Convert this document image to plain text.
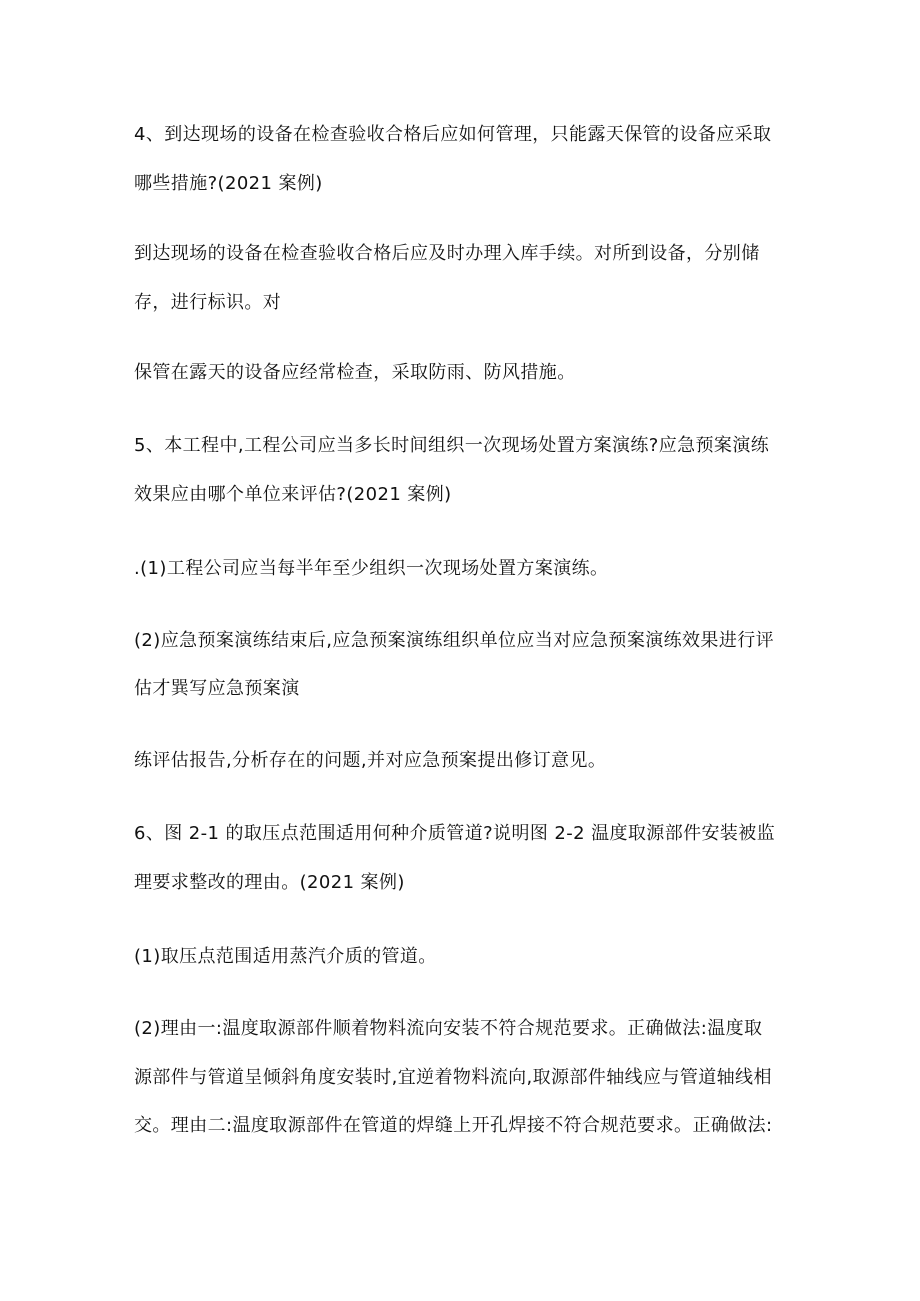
4、到达现场的设备在检查验收合格后应如何管理，只能露天保管的设备应采取
哪些措施?(2021 案例)
到达现场的设备在检查验收合格后应及时办理入库手续。对所到设备，分别储
存，进行标识。对
保管在露天的设备应经常检查，采取防雨、防风措施。
5、本工程中,工程公司应当多长时间组织一次现场处置方案演练?应急预案演练
效果应由哪个单位来评估?(2021 案例)
.(1)工程公司应当每半年至少组织一次现场处置方案演练。
(2)应急预案演练结束后,应急预案演练组织单位应当对应急预案演练效果进行评
估才巽写应急预案演
练评估报告,分析存在的问题,并对应急预案提出修订意见。
6、图 2-1 的取压点范围适用何种介质管道?说明图 2-2 温度取源部件安装被监
理要求整改的理由。(2021 案例)
(1)取压点范围适用蒸汽介质的管道。
(2)理由一:温度取源部件顺着物料流向安装不符合规范要求。正确做法:温度取
源部件与管道呈倾斜角度安装时,宜逆着物料流向,取源部件轴线应与管道轴线相
交。理由二:温度取源部件在管道的焊缝上开孔焊接不符合规范要求。正确做法:
